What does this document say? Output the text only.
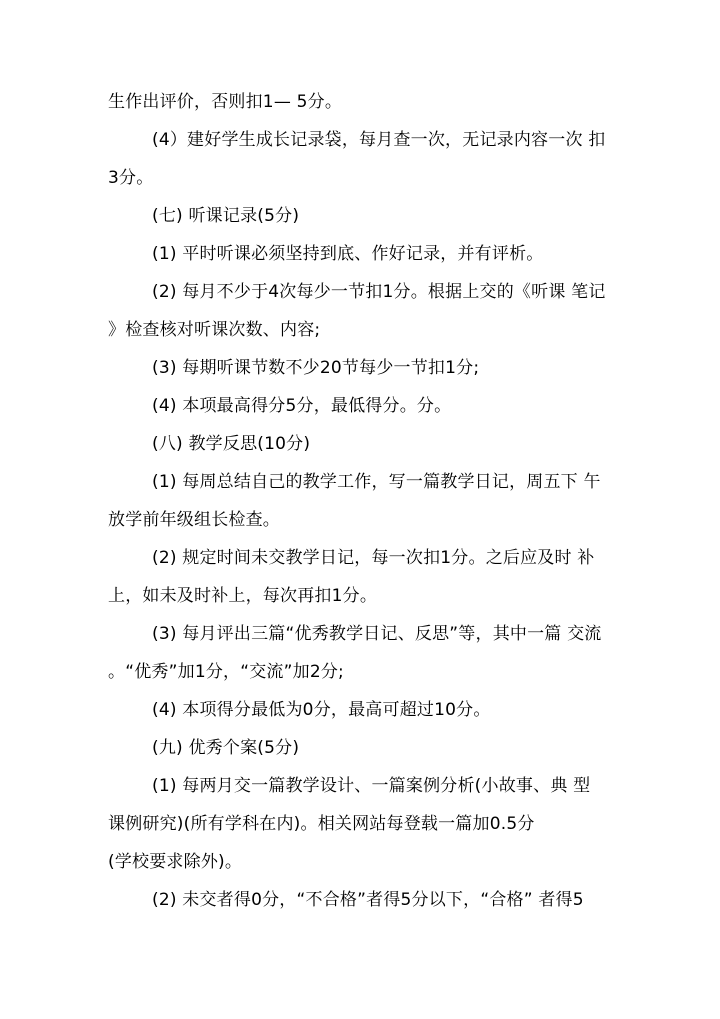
生作出评价，否则扣1— 5分。
(4）建好学生成长记录袋，每月查一次，无记录内容一次 扣
3分。
(七) 听课记录(5分)
(1) 平时听课必须坚持到底、作好记录，并有评析。
(2) 每月不少于4次每少一节扣1分。根据上交的《听课 笔记
》检查核对听课次数、内容;
(3) 每期听课节数不少20节每少一节扣1分;
(4) 本项最高得分5分，最低得分。分。
(八) 教学反思(10分)
(1) 每周总结自己的教学工作，写一篇教学日记，周五下 午
放学前年级组长检查。
(2) 规定时间未交教学日记，每一次扣1分。之后应及时 补
上，如未及时补上，每次再扣1分。
(3) 每月评出三篇“优秀教学日记、反思”等，其中一篇 交流
。“优秀”加1分，“交流”加2分;
(4) 本项得分最低为0分，最高可超过10分。
(九) 优秀个案(5分)
(1) 每两月交一篇教学设计、一篇案例分析(小故事、典 型
课例研究)(所有学科在内)。相关网站每登载一篇加0.5分
(学校要求除外)。
(2) 未交者得0分，“不合格”者得5分以下，“合格” 者得5
